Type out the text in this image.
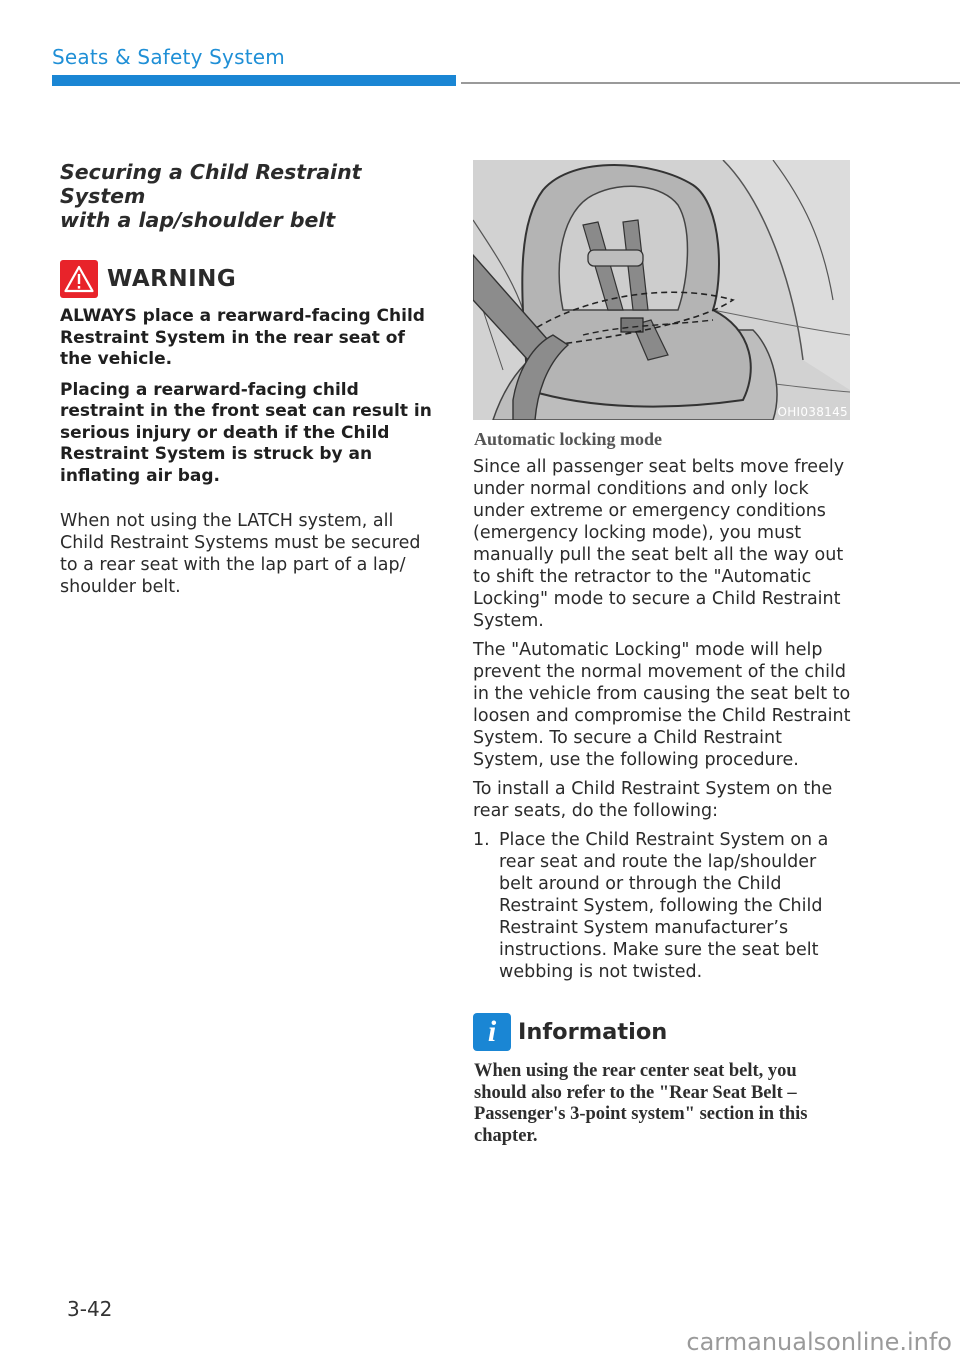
Seats & Safety System
Securing a Child Restraint System
with a lap/shoulder belt
WARNING

ALWAYS place a rearward-facing Child Restraint System in the rear seat of the vehicle.

Placing a rearward-facing child restraint in the front seat can result in serious injury or death if the Child Restraint System is struck by an inflating air bag.

When not using the LATCH system, all Child Restraint Systems must be secured to a rear seat with the lap part of a lap/ shoulder belt.

OHI038145
Automatic locking mode

Since all passenger seat belts move freely under normal conditions and only lock under extreme or emergency conditions (emergency locking mode), you must manually pull the seat belt all the way out to shift the retractor to the "Automatic Locking" mode to secure a Child Restraint System.

The "Automatic Locking" mode will help prevent the normal movement of the child in the vehicle from causing the seat belt to loosen and compromise the Child Restraint System. To secure a Child Restraint System, use the following procedure.

To install a Child Restraint System on the rear seats, do the following:

1. Place the Child Restraint System on a rear seat and route the lap/shoulder belt around or through the Child Restraint System, following the Child Restraint System manufacturer’s instructions. Make sure the seat belt webbing is not twisted.
i Information

When using the rear center seat belt, you should also refer to the "Rear Seat Belt – Passenger's 3-point system" section in this chapter.

3-42
carmanualsonline.info
